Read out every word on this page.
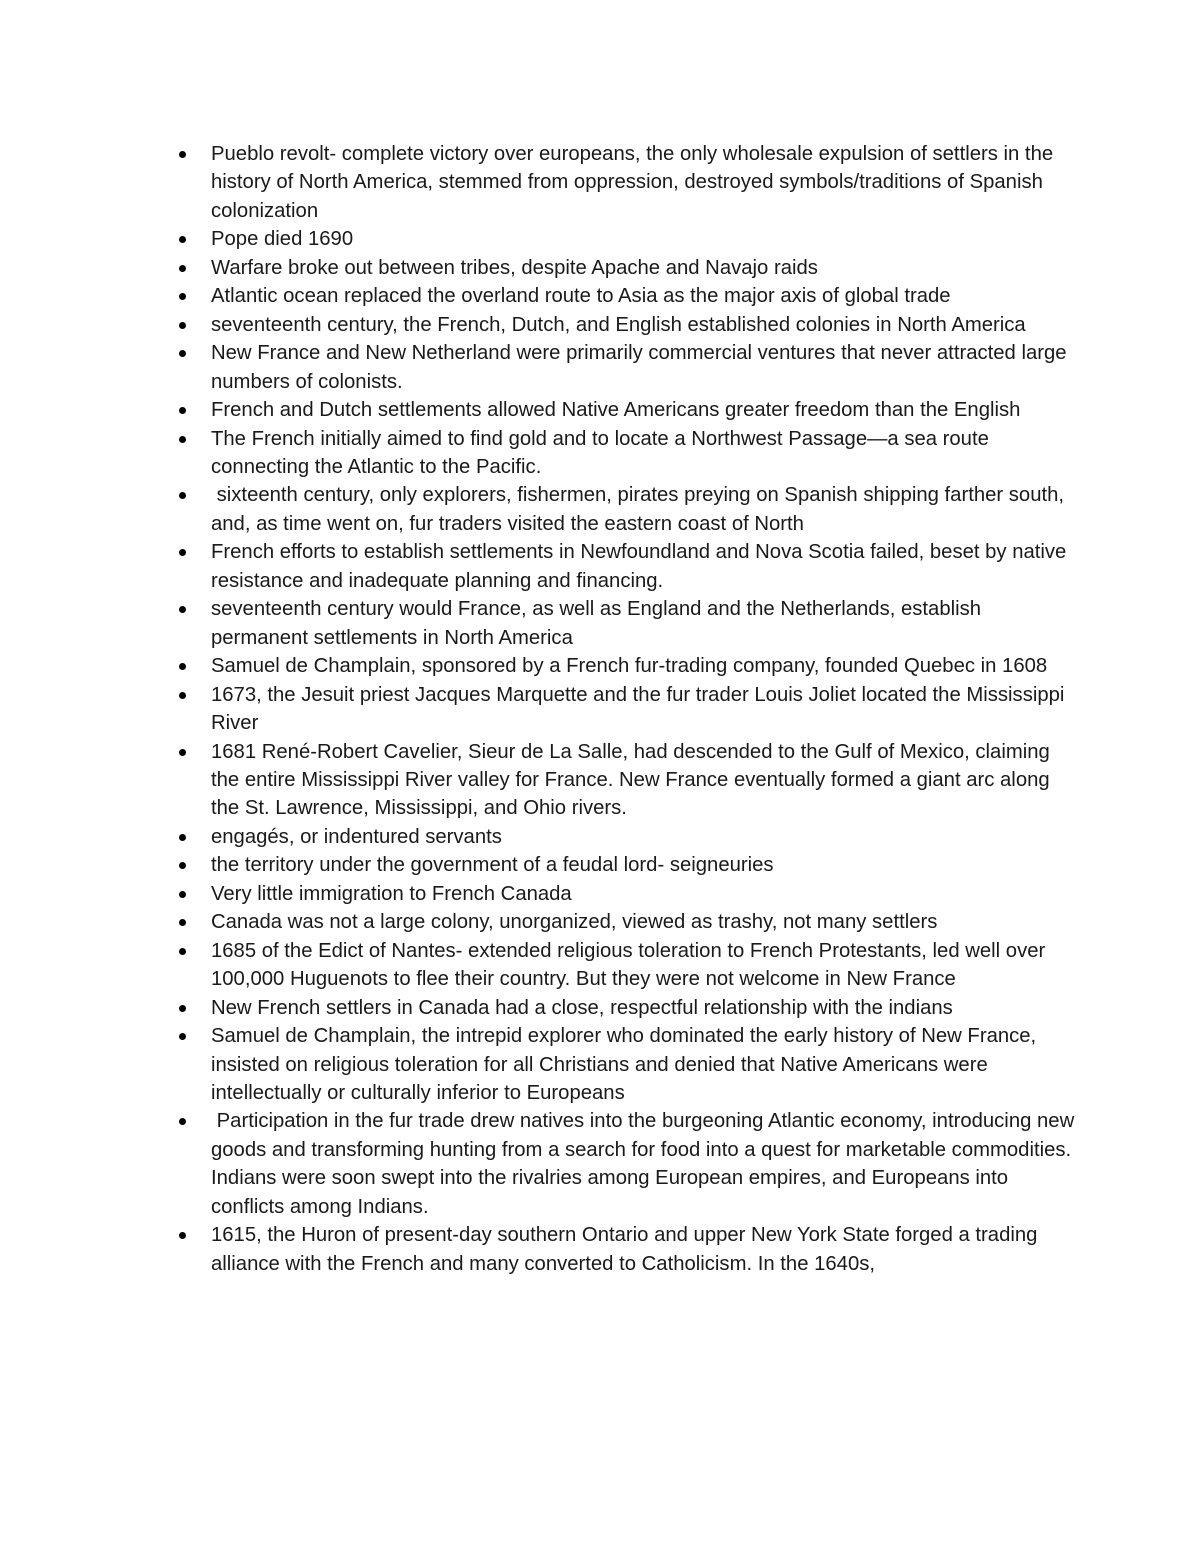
Pueblo revolt- complete victory over europeans, the only wholesale expulsion of settlers in the history of North America, stemmed from oppression, destroyed symbols/traditions of Spanish colonization
Pope died 1690
Warfare broke out between tribes, despite Apache and Navajo raids
Atlantic ocean replaced the overland route to Asia as the major axis of global trade
seventeenth century, the French, Dutch, and English established colonies in North America
New France and New Netherland were primarily commercial ventures that never attracted large numbers of colonists.
French and Dutch settlements allowed Native Americans greater freedom than the English
The French initially aimed to find gold and to locate a Northwest Passage—a sea route connecting the Atlantic to the Pacific.
sixteenth century, only explorers, fishermen, pirates preying on Spanish shipping farther south, and, as time went on, fur traders visited the eastern coast of North
French efforts to establish settlements in Newfoundland and Nova Scotia failed, beset by native resistance and inadequate planning and financing.
seventeenth century would France, as well as England and the Netherlands, establish permanent settlements in North America
Samuel de Champlain, sponsored by a French fur-trading company, founded Quebec in 1608
1673, the Jesuit priest Jacques Marquette and the fur trader Louis Joliet located the Mississippi River
1681 René-Robert Cavelier, Sieur de La Salle, had descended to the Gulf of Mexico, claiming the entire Mississippi River valley for France. New France eventually formed a giant arc along the St. Lawrence, Mississippi, and Ohio rivers.
engagés, or indentured servants
the territory under the government of a feudal lord- seigneuries
Very little immigration to French Canada
Canada was not a large colony, unorganized, viewed as trashy, not many settlers
1685 of the Edict of Nantes- extended religious toleration to French Protestants, led well over 100,000 Huguenots to flee their country. But they were not welcome in New France
New French settlers in Canada had a close, respectful relationship with the indians
Samuel de Champlain, the intrepid explorer who dominated the early history of New France, insisted on religious toleration for all Christians and denied that Native Americans were intellectually or culturally inferior to Europeans
Participation in the fur trade drew natives into the burgeoning Atlantic economy, introducing new goods and transforming hunting from a search for food into a quest for marketable commodities. Indians were soon swept into the rivalries among European empires, and Europeans into conflicts among Indians.
1615, the Huron of present-day southern Ontario and upper New York State forged a trading alliance with the French and many converted to Catholicism. In the 1640s,
